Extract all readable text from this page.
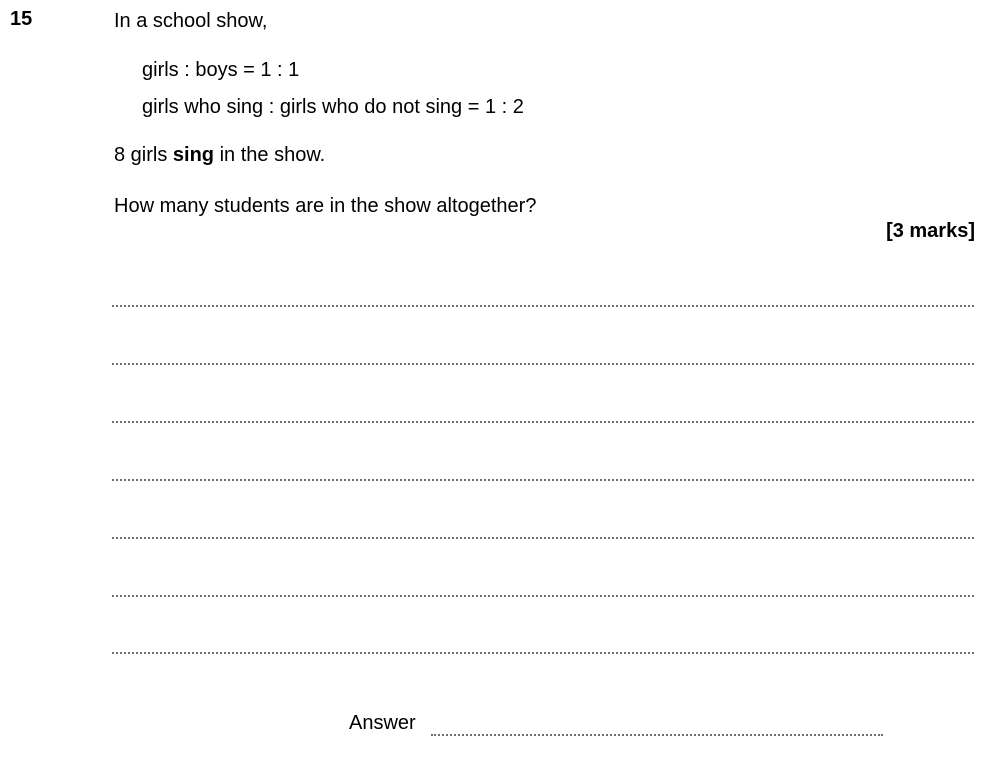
15	In a school show,
girls : boys = 1 : 1
girls who sing : girls who do not sing = 1 : 2
8 girls sing in the show.
How many students are in the show altogether?
[3 marks]
Answer
